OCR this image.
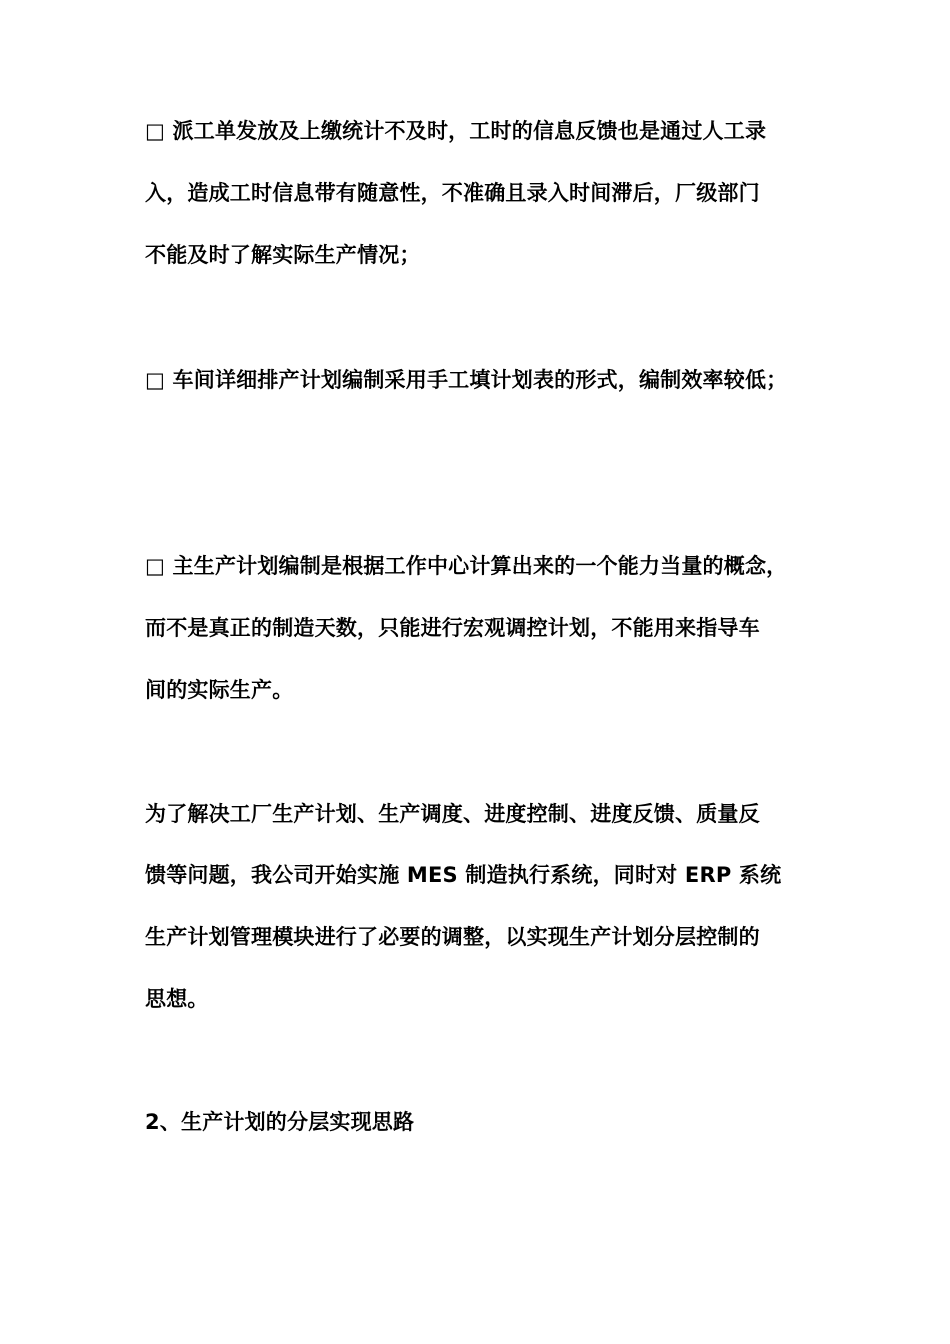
□ 派工单发放及上缴统计不及时，工时的信息反馈也是通过人工录
入，造成工时信息带有随意性，不准确且录入时间滞后，厂级部门
不能及时了解实际生产情况；
□ 车间详细排产计划编制采用手工填计划表的形式，编制效率较低；
□ 主生产计划编制是根据工作中心计算出来的一个能力当量的概念，
而不是真正的制造天数，只能进行宏观调控计划，不能用来指导车
间的实际生产。
为了解决工厂生产计划、生产调度、进度控制、进度反馈、质量反
馈等问题，我公司开始实施 MES 制造执行系统，同时对 ERP 系统
生产计划管理模块进行了必要的调整，以实现生产计划分层控制的
思想。
2、生产计划的分层实现思路
